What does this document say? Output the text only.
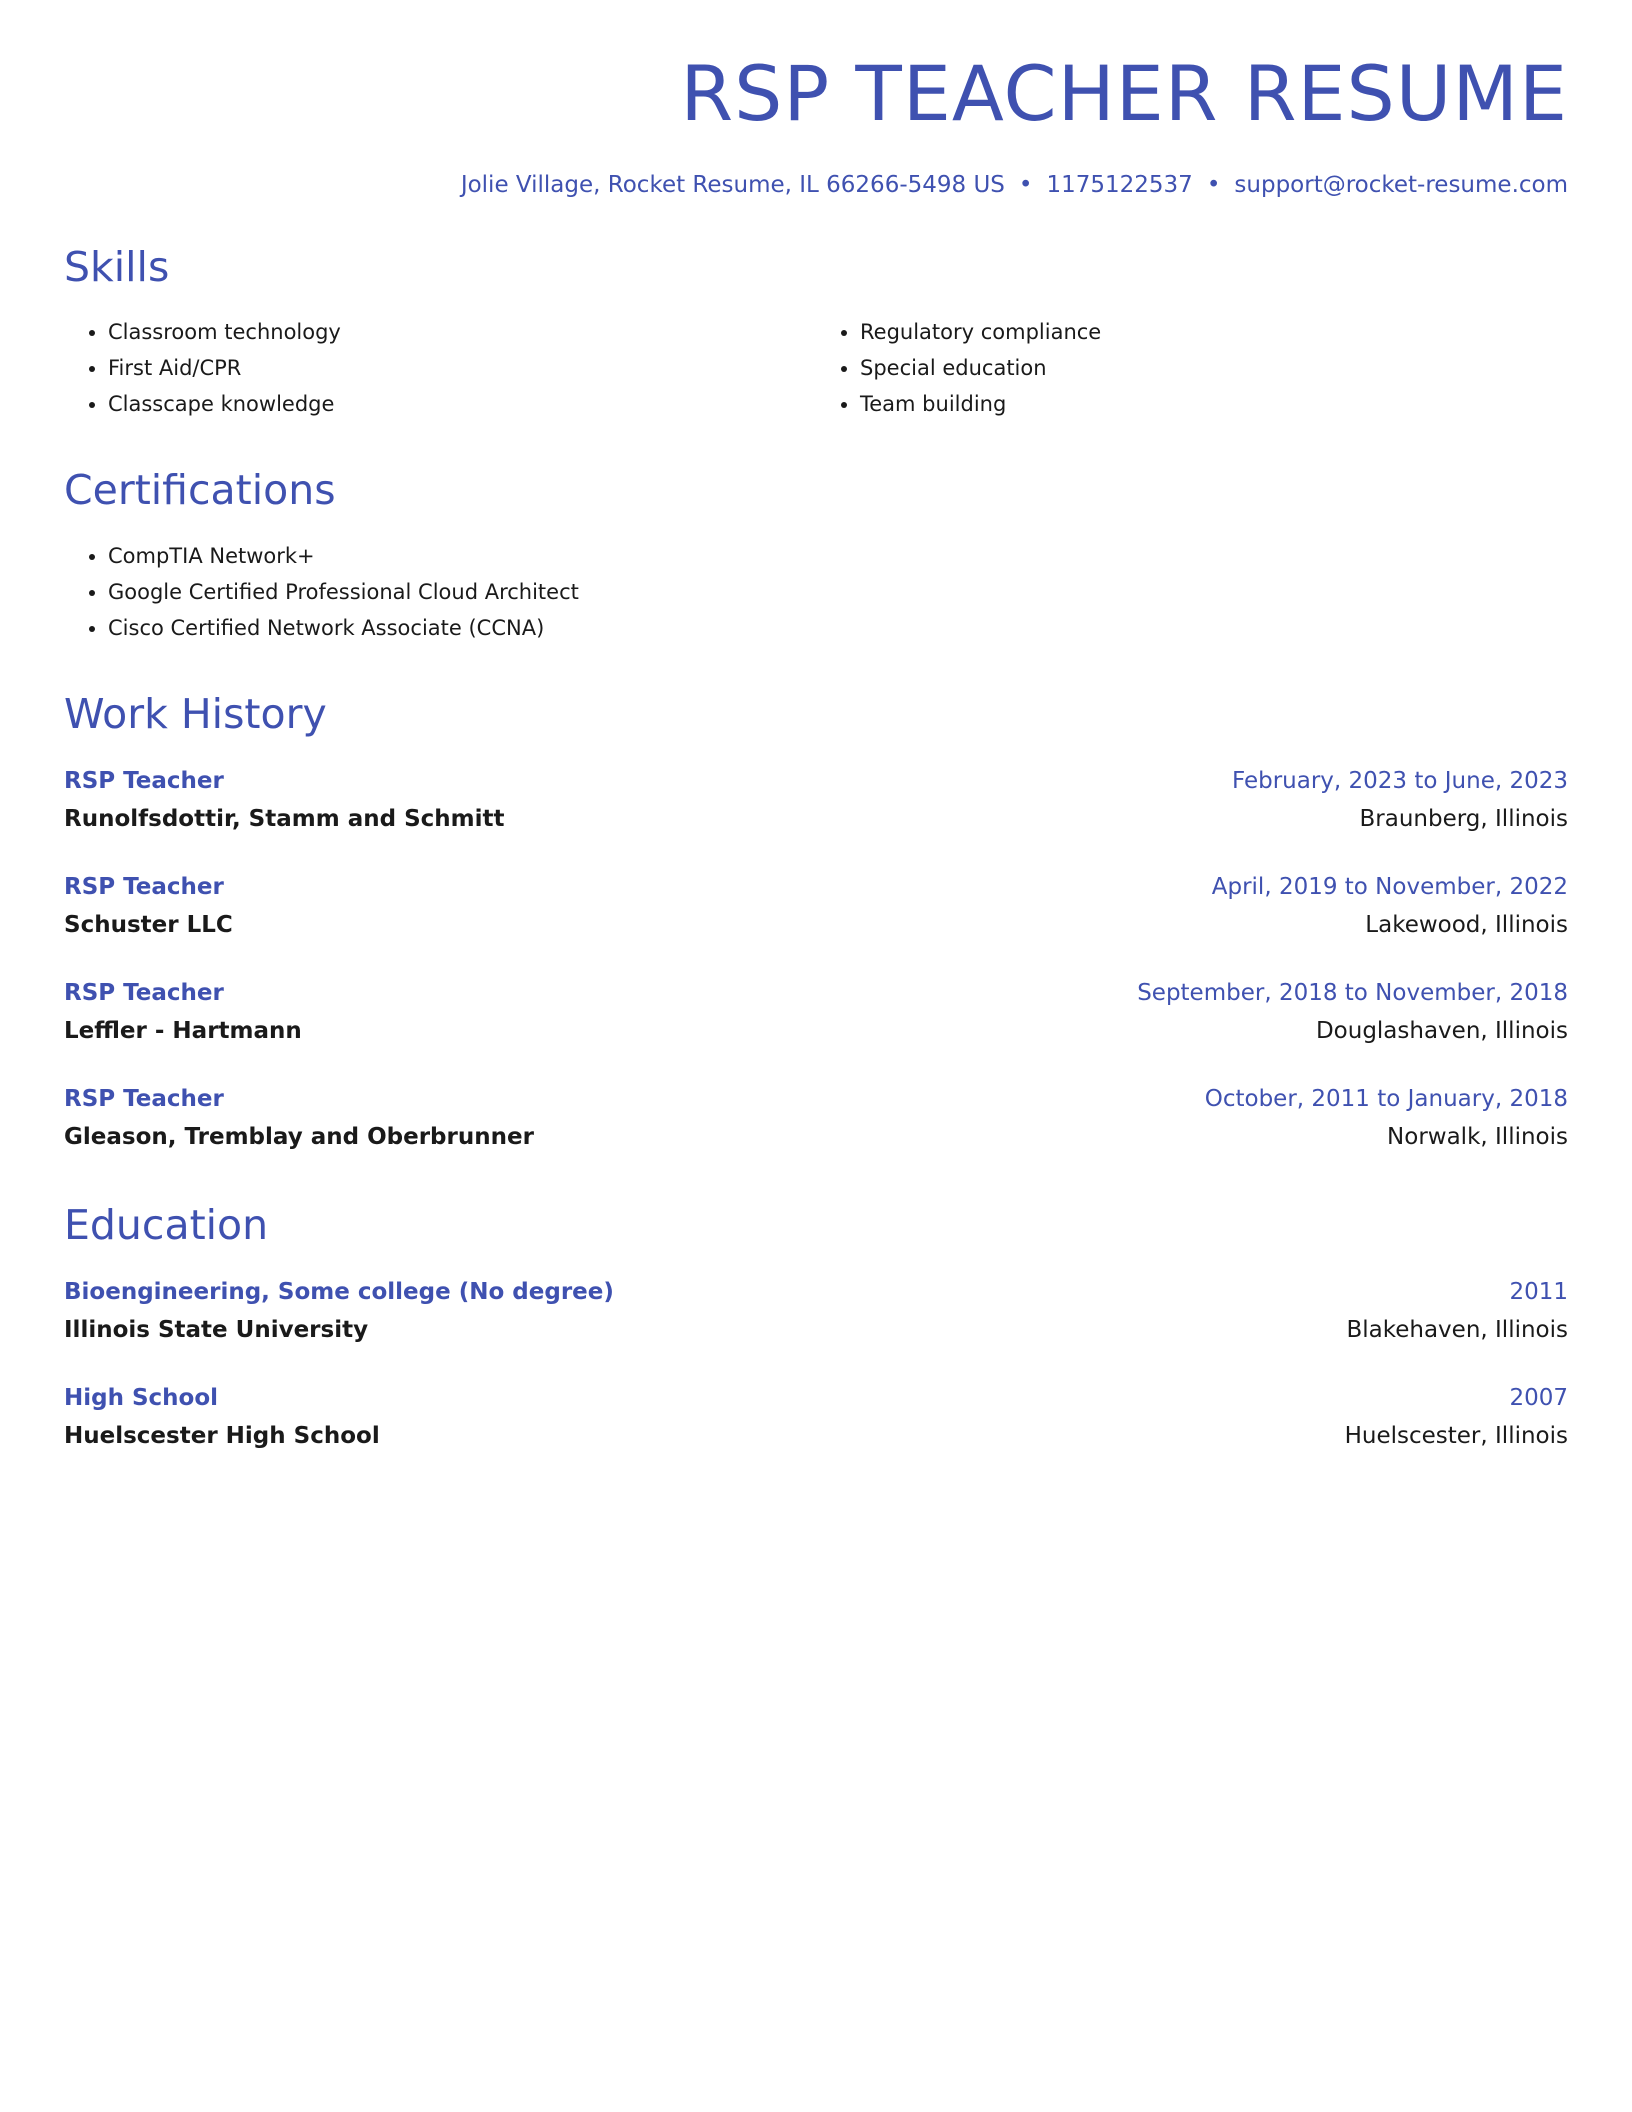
RSP TEACHER RESUME
Jolie Village, Rocket Resume, IL 66266-5498 US • 1175122537 • support@rocket-resume.com
Skills
• Classroom technology
• First Aid/CPR
• Classcape knowledge
• Regulatory compliance
• Special education
• Team building
Certifications
• CompTIA Network+
• Google Certified Professional Cloud Architect
• Cisco Certified Network Associate (CCNA)
Work History
RSP Teacher	February, 2023 to June, 2023
Runolfsdottir, Stamm and Schmitt	Braunberg, Illinois
RSP Teacher	April, 2019 to November, 2022
Schuster LLC	Lakewood, Illinois
RSP Teacher	September, 2018 to November, 2018
Leffler - Hartmann	Douglashaven, Illinois
RSP Teacher	October, 2011 to January, 2018
Gleason, Tremblay and Oberbrunner	Norwalk, Illinois
Education
Bioengineering, Some college (No degree)	2011
Illinois State University	Blakehaven, Illinois
High School	2007
Huelscester High School	Huelscester, Illinois
